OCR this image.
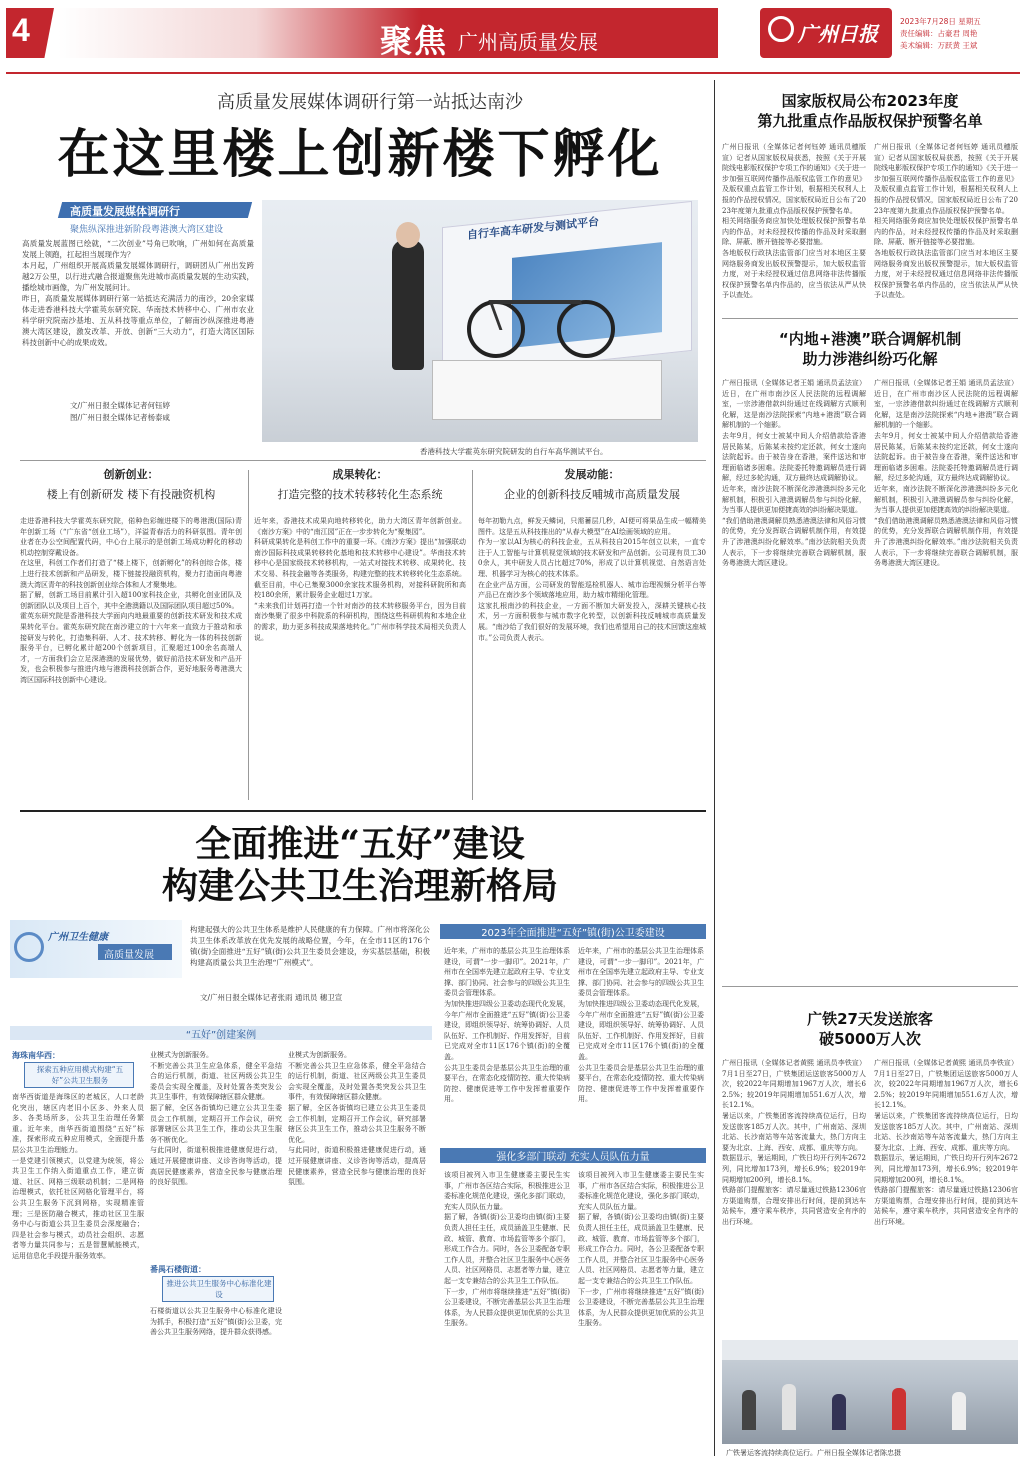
4	聚焦 广州高质量发展	广州日报
2023年7月28日 星期五
责任编辑：占豪君 周艳
美术编辑：万跃黄 王斌
高质量发展媒体调研行第一站抵达南沙
在这里楼上创新楼下孵化
高质量发展媒体调研行
聚焦纵深推进新阶段粤港澳大湾区建设
高质量发展蓝图已绘就，“二次创业”号角已吹响，广州如何在高质量发展上领跑，扛起担当展现作为？
本月起，广州组织开展高质量发展媒体调研行，调研团从广州出发跨越2万公里，以行进式融合报道聚焦先进城市高质量发展的生动实践，播绘城市画像，为广州发展问计。
昨日，高质量发展媒体调研行第一站抵达充满活力的南沙，20余家媒体走进香港科技大学霍英东研究院、华南技术转移中心、广州市农业科学研究院南沙基地、五从科技等重点单位，了解南沙纵深推进粤港澳大湾区建设，激发改革、开放、创新“三大动力”，打造大湾区国际科技创新中心的成果成效。
文/广州日报全媒体记者何钰婷
图/广州日报全媒体记者杨泰咸
自行车高车研发与测试平台
香港科技大学霍英东研究院研发的自行车高华测试平台。
创新创业：
楼上有创新研发 楼下有投融资机构
走进香港科技大学霍英东研究院，偌种色彩缠进楼下的粤港澳(国际)青年创新工场（“广东省“创业工场”），洋溢青春活力的科研氛围。青年创业者在办公空间配置代码，中心台上展示的是创新工场成功孵化的移动机动控制穿戴设备。
在这里，科创工作者们打造了“楼上楼下，创新孵化”的科创综合体，楼上进行技术创新和产品研发，楼下链接投融资机构，聚力打造面向粤港澳大湾区青年的科技创新创业综合体和人才聚集地。
据了解，创新工场目前累计引入超100家科技企业，共孵化创业团队及创新团队以及项目上百个，其中全港澳籍以及国际团队项目超过50%。
霍英东研究院是香港科技大学面向内地最重要的创新技术研发和技术成果转化平台。霍英东研究院在南沙建立的十六年来一直致力于推动和承接研发与转化，打造集科研、人才、技术转移、孵化为一体的科技创新服务平台，已孵化累计超200个创新项目，汇聚超过100余名高端人才，一方面我们会立足深港澳的发展优势，做好前沿技术研发和产品开发，也会积极参与推进内地与港澳科技创新合作，更好地服务粤港澳大湾区国际科技创新中心建设。
成果转化：
打造完整的技术转移转化生态系统
近年来，香港技术成果向地转移转化，助力大湾区青年创新创业。《南沙方案》中的“南江园”正在一步步转化为“聚集园”。
科研成果转化是科创工作中的重要一环。《南沙方案》提出“加强联动南沙国际科技成果转移转化基地和技术转移中心建设”。华南技术转移中心是国家级技术转移机构，一站式对接技术转移、成果转化、技术交易、科技金融等各类服务，构建完整的技术转移转化生态系统。截至目前，中心已集聚3000余家技术服务机构，对接科研院所和高校180余所，累计服务企业超过1万家。
“未来我们计划再打造一个针对南沙的技术转移服务平台，因为目前南沙集聚了很多中科院系的科研机构，围绕这些科研机构和本地企业的需求，助力更多科技成果落地转化。”广州市科学技术局相关负责人说。
发展动能：
企业的创新科技反哺城市高质量发展
每年初勒九点，鲜发天鳞词，只需蓄层几秒，AI便可将果品生成一幅精美图件。这是五从科技推出的“从春大模型”在AI绘画领域的应用。
作为一家以AI为核心的科技企业，五从科技自2015年创立以来，一直专注于人工智能与计算机视觉领域的技术研发和产品创新。公司现有员工300余人，其中研发人员占比超过70%，形成了以计算机视觉、自然语言处理、机器学习为核心的技术体系。
在企业产品方面，公司研发的智能巡检机器人、城市治理视频分析平台等产品已在南沙多个领域落地应用，助力城市精细化管理。
这家扎根南沙的科技企业，一方面不断加大研发投入，深耕关键核心技术，另一方面积极参与城市数字化转型，以创新科技反哺城市高质量发展。“南沙给了我们很好的发展环境，我们也希望用自己的技术回馈这座城市。”公司负责人表示。
全面推进“五好”建设
构建公共卫生治理新格局
广州卫生健康
高质量发展
构建起强大的公共卫生体系是维护人民健康的有力保障。广州市将深化公共卫生体系改革放在优先发展的战略位置，今年，在全市11区的176个镇(街)全面推进“五好”镇(街)公共卫生委员会建设，夯实基层基础，积极构建高质量公共卫生治理“广州模式”。
文/广州日报全媒体记者张雨 通讯员 穗卫宣
“五好”创建案例
海珠南华西：
探索五种应用模式构建“五好”公共卫生服务
南华西街道是海珠区的老城区，人口老龄化突出，辖区内老旧小区多、外来人员多、各类场所多，公共卫生治理任务繁重。近年来，南华西街道围绕“五好”标准，探索形成五种应用模式，全面提升基层公共卫生治理能力。
一是党建引领模式，以党建为统领，将公共卫生工作纳入街道重点工作，建立街道、社区、网格三级联动机制；二是网格治理模式，依托社区网格化管理平台，将公共卫生服务下沉到网格，实现精准管理；三是医防融合模式，推动社区卫生服务中心与街道公共卫生委员会深度融合；四是社会参与模式，动员社会组织、志愿者等力量共同参与；五是智慧赋能模式，运用信息化手段提升服务效率。
业模式为创新服务。
不断完善公共卫生应急体系，健全平急结合的运行机制，街道、社区两级公共卫生委员会实现全覆盖，及时处置各类突发公共卫生事件，有效保障辖区群众健康。
据了解，全区各街镇均已建立公共卫生委员会工作机制，定期召开工作会议，研究部署辖区公共卫生工作，推动公共卫生服务不断优化。
与此同时，街道积极推进健康促进行动，通过开展健康讲座、义诊咨询等活动，提高居民健康素养，营造全民参与健康治理的良好氛围。
番禺石楼街道：
推进公共卫生服务中心标准化建设
石楼街道以公共卫生服务中心标准化建设为抓手，积极打造“五好”镇(街)公卫委，完善公共卫生服务网络，提升群众获得感。
业模式为创新服务。
不断完善公共卫生应急体系，健全平急结合的运行机制，街道、社区两级公共卫生委员会实现全覆盖，及时处置各类突发公共卫生事件，有效保障辖区群众健康。
据了解，全区各街镇均已建立公共卫生委员会工作机制，定期召开工作会议，研究部署辖区公共卫生工作，推动公共卫生服务不断优化。
与此同时，街道积极推进健康促进行动，通过开展健康讲座、义诊咨询等活动，提高居民健康素养，营造全民参与健康治理的良好氛围。
2023年全面推进“五好”镇(街)公卫委建设
近年来，广州市的基层公共卫生治理体系建设，可谓“一步一脚印”。2021年，广州市在全国率先建立起政府主导、专业支撑、部门协同、社会参与的四级公共卫生委员会管理体系。
为加快推进四级公卫委动态现代化发展，今年广州市全面推进“五好”镇(街)公卫委建设，即组织领导好、统筹协调好、人员队伍好、工作机制好、作用发挥好，目前已完成对全市11区176个镇(街)的全覆盖。
公共卫生委员会是基层公共卫生治理的重要平台，在常态化疫情防控、重大传染病防控、健康促进等工作中发挥着重要作用。
近年来，广州市的基层公共卫生治理体系建设，可谓“一步一脚印”。2021年，广州市在全国率先建立起政府主导、专业支撑、部门协同、社会参与的四级公共卫生委员会管理体系。
为加快推进四级公卫委动态现代化发展，今年广州市全面推进“五好”镇(街)公卫委建设，即组织领导好、统筹协调好、人员队伍好、工作机制好、作用发挥好，目前已完成对全市11区176个镇(街)的全覆盖。
公共卫生委员会是基层公共卫生治理的重要平台，在常态化疫情防控、重大传染病防控、健康促进等工作中发挥着重要作用。
强化多部门联动 充实人员队伍力量
该项目被列入市卫生健康委主要民生实事，广州市各区结合实际，积极推进公卫委标准化规范化建设，强化多部门联动，充实人员队伍力量。
据了解，各镇(街)公卫委均由镇(街)主要负责人担任主任，成员涵盖卫生健康、民政、城管、教育、市场监管等多个部门，形成工作合力。同时，各公卫委配备专职工作人员，并整合社区卫生服务中心医务人员、社区网格员、志愿者等力量，建立起一支专兼结合的公共卫生工作队伍。
下一步，广州市将继续推进“五好”镇(街)公卫委建设，不断完善基层公共卫生治理体系，为人民群众提供更加优质的公共卫生服务。
该项目被列入市卫生健康委主要民生实事，广州市各区结合实际，积极推进公卫委标准化规范化建设，强化多部门联动，充实人员队伍力量。
据了解，各镇(街)公卫委均由镇(街)主要负责人担任主任，成员涵盖卫生健康、民政、城管、教育、市场监管等多个部门，形成工作合力。同时，各公卫委配备专职工作人员，并整合社区卫生服务中心医务人员、社区网格员、志愿者等力量，建立起一支专兼结合的公共卫生工作队伍。
下一步，广州市将继续推进“五好”镇(街)公卫委建设，不断完善基层公共卫生治理体系，为人民群众提供更加优质的公共卫生服务。
国家版权局公布2023年度
第九批重点作品版权保护预警名单
广州日报讯（全媒体记者何钰婷 通讯员穗版宣）记者从国家版权局获悉，按照《关于开展院线电影版权保护专项工作的通知》《关于进一步加强互联网传播作品版权监管工作的意见》及版权重点监管工作计划，根据相关权利人上报的作品授权情况，国家版权局近日公布了2023年度第九批重点作品版权保护预警名单。
相关网络服务商应加快处理版权保护预警名单内的作品，对未经授权传播的作品及时采取删除、屏蔽、断开链接等必要措施。
各地版权行政执法监管部门应当对本地区主要网络服务商发出版权预警提示，加大版权监管力度，对于未经授权通过信息网络非法传播版权保护预警名单内作品的，应当依法从严从快予以查处。
广州日报讯（全媒体记者何钰婷 通讯员穗版宣）记者从国家版权局获悉，按照《关于开展院线电影版权保护专项工作的通知》《关于进一步加强互联网传播作品版权监管工作的意见》及版权重点监管工作计划，根据相关权利人上报的作品授权情况，国家版权局近日公布了2023年度第九批重点作品版权保护预警名单。
相关网络服务商应加快处理版权保护预警名单内的作品，对未经授权传播的作品及时采取删除、屏蔽、断开链接等必要措施。
各地版权行政执法监管部门应当对本地区主要网络服务商发出版权预警提示，加大版权监管力度，对于未经授权通过信息网络非法传播版权保护预警名单内作品的，应当依法从严从快予以查处。
“内地+港澳”联合调解机制
助力涉港纠纷巧化解
广州日报讯（全媒体记者王娟 通讯员孟法宣）近日，在广州市南沙区人民法院的远程调解室，一宗涉港借款纠纷通过在线调解方式顺利化解，这是南沙法院探索“内地+港澳”联合调解机制的一个缩影。
去年9月，何女士被某中间人介绍借款给香港居民陈某，后陈某未按约定还款，何女士遂向法院起诉。由于被告身在香港，案件送达和审理面临诸多困难。法院委托特邀调解员进行调解，经过多轮沟通，双方最终达成调解协议。
近年来，南沙法院不断深化涉港澳纠纷多元化解机制，积极引入港澳调解员参与纠纷化解，为当事人提供更加便捷高效的纠纷解决渠道。
“我们借助港澳调解员熟悉港澳法律和风俗习惯的优势，充分发挥联合调解机制作用，有效提升了涉港澳纠纷化解效率。”南沙法院相关负责人表示，下一步将继续完善联合调解机制，服务粤港澳大湾区建设。
广州日报讯（全媒体记者王娟 通讯员孟法宣）近日，在广州市南沙区人民法院的远程调解室，一宗涉港借款纠纷通过在线调解方式顺利化解，这是南沙法院探索“内地+港澳”联合调解机制的一个缩影。
去年9月，何女士被某中间人介绍借款给香港居民陈某，后陈某未按约定还款，何女士遂向法院起诉。由于被告身在香港，案件送达和审理面临诸多困难。法院委托特邀调解员进行调解，经过多轮沟通，双方最终达成调解协议。
近年来，南沙法院不断深化涉港澳纠纷多元化解机制，积极引入港澳调解员参与纠纷化解，为当事人提供更加便捷高效的纠纷解决渠道。
“我们借助港澳调解员熟悉港澳法律和风俗习惯的优势，充分发挥联合调解机制作用，有效提升了涉港澳纠纷化解效率。”南沙法院相关负责人表示，下一步将继续完善联合调解机制，服务粤港澳大湾区建设。
广铁27天发送旅客
破5000万人次
广州日报讯（全媒体记者黄熙 通讯员李铁宣）7月1日至27日，广铁集团运送旅客5000万人次，较2022年同期增加1967万人次，增长62.5%；较2019年同期增加551.6万人次，增长12.1%。
暑运以来，广铁集团客流持续高位运行，日均发送旅客185万人次。其中，广州南站、深圳北站、长沙南站等车站客流量大，热门方向主要为北京、上海、西安、成都、重庆等方向。
数据显示，暑运期间，广铁日均开行列车2672列，同比增加173列，增长6.9%；较2019年同期增加200列，增长8.1%。
铁路部门提醒旅客：请尽量通过铁路12306官方渠道购票，合理安排出行时间，提前到达车站候车，遵守乘车秩序，共同营造安全有序的出行环境。
广州日报讯（全媒体记者黄熙 通讯员李铁宣）7月1日至27日，广铁集团运送旅客5000万人次，较2022年同期增加1967万人次，增长62.5%；较2019年同期增加551.6万人次，增长12.1%。
暑运以来，广铁集团客流持续高位运行，日均发送旅客185万人次。其中，广州南站、深圳北站、长沙南站等车站客流量大，热门方向主要为北京、上海、西安、成都、重庆等方向。
数据显示，暑运期间，广铁日均开行列车2672列，同比增加173列，增长6.9%；较2019年同期增加200列，增长8.1%。
铁路部门提醒旅客：请尽量通过铁路12306官方渠道购票，合理安排出行时间，提前到达车站候车，遵守乘车秩序，共同营造安全有序的出行环境。
广铁暑运客流持续高位运行。广州日报全媒体记者陈忠摄
